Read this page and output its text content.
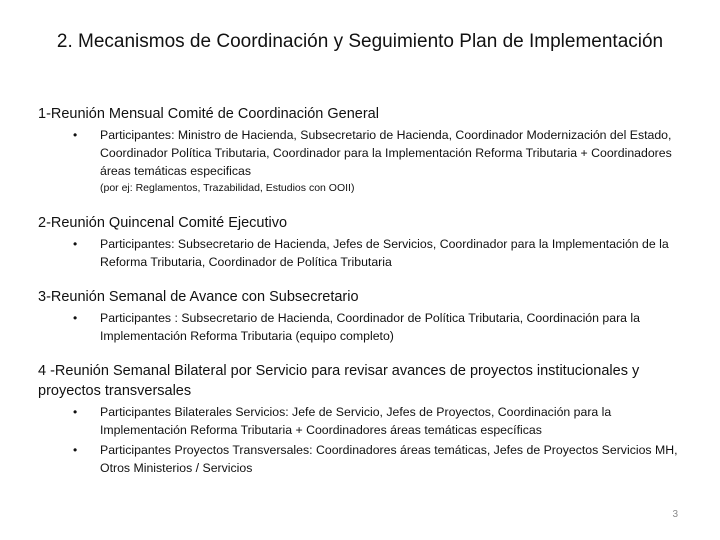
2. Mecanismos de Coordinación y Seguimiento Plan de Implementación
1-Reunión Mensual Comité de Coordinación General
• Participantes: Ministro de Hacienda, Subsecretario de Hacienda, Coordinador Modernización del Estado, Coordinador Política Tributaria, Coordinador para la Implementación Reforma Tributaria + Coordinadores áreas temáticas especificas
(por ej: Reglamentos, Trazabilidad, Estudios con OOII)
2-Reunión Quincenal Comité Ejecutivo
• Participantes: Subsecretario de Hacienda, Jefes de Servicios, Coordinador para la Implementación de la Reforma Tributaria, Coordinador de Política Tributaria
3-Reunión Semanal de Avance con Subsecretario
• Participantes : Subsecretario de Hacienda, Coordinador de Política Tributaria, Coordinación para la Implementación Reforma Tributaria (equipo completo)
4 -Reunión Semanal Bilateral por Servicio para revisar avances de proyectos institucionales y proyectos transversales
• Participantes Bilaterales Servicios: Jefe de Servicio, Jefes de Proyectos, Coordinación para la Implementación Reforma Tributaria + Coordinadores áreas temáticas específicas
• Participantes Proyectos Transversales: Coordinadores áreas temáticas, Jefes de Proyectos Servicios MH, Otros Ministerios / Servicios
3
